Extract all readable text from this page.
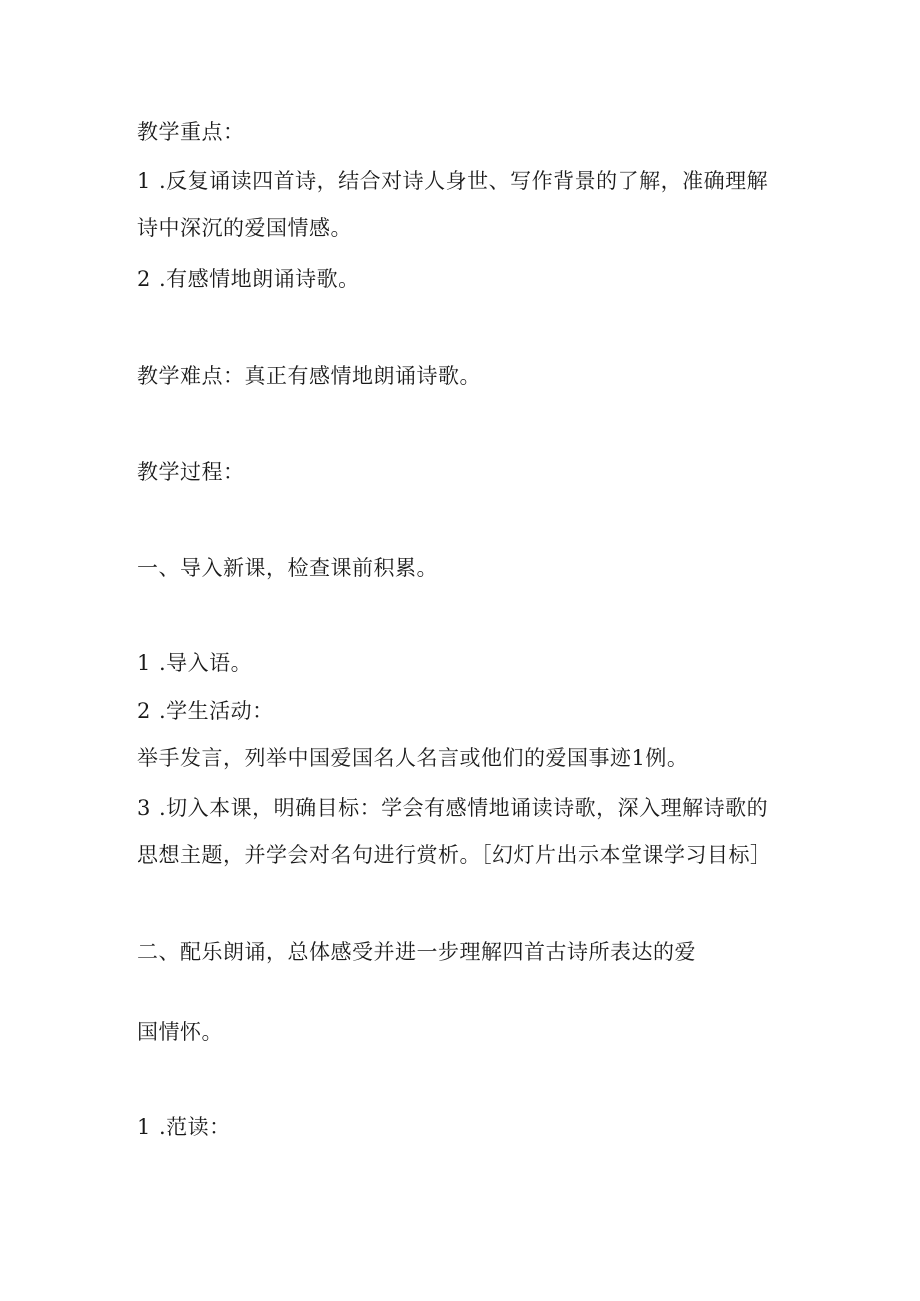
教学重点：
1 .反复诵读四首诗，结合对诗人身世、写作背景的了解，准确理解
诗中深沉的爱国情感。
2 .有感情地朗诵诗歌。
教学难点：真正有感情地朗诵诗歌。
教学过程：
一、导入新课，检查课前积累。
1 .导入语。
2 .学生活动：
举手发言，列举中国爱国名人名言或他们的爱国事迹1例。
3 .切入本课，明确目标：学会有感情地诵读诗歌，深入理解诗歌的
思想主题，并学会对名句进行赏析。［幻灯片出示本堂课学习目标］
二、配乐朗诵，总体感受并进一步理解四首古诗所表达的爱
国情怀。
1 .范读：
